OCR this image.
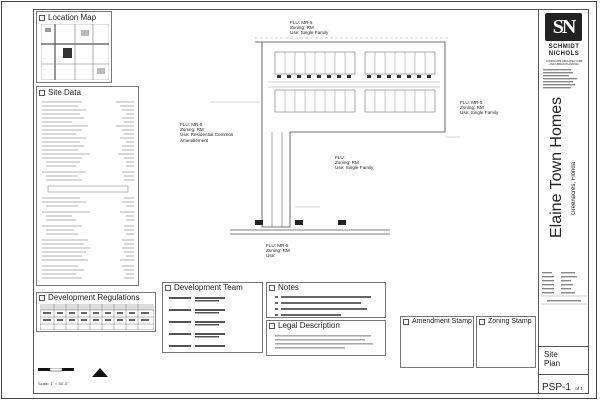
Location Map
Site Data
Development Regulations
Scale: 1" = 30'-0"
FLU: MR-5
Zoning: RM
Use: Single Family
FLU: MR-5
Zoning: RM
Use: Single Family
FLU: MR-5
Zoning: RM
Use: Residential Common
Amenitiement
FLU:
Zoning: RM
Use: Single Family
FLU: MR-5
Zoning: RM
Use:
Development Team	Notes
Legal Description	Amendment Stamp Zoning Stamp
SN
SCHMIDT
NICHOLS
LANDSCAPE ARCHITECTURE
AND URBAN PLANNING
Elaine Town Homes Greenacres, Florida
Site
Plan
PSP-1 of 1
